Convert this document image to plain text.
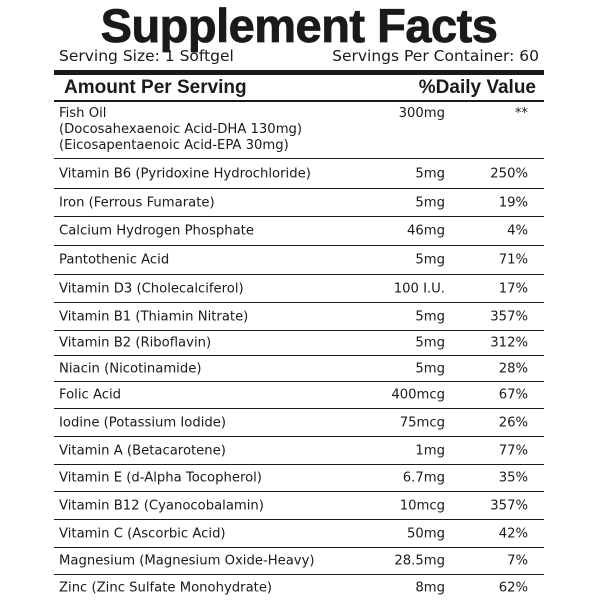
Supplement Facts
Serving Size: 1 Softgel	Servings Per Container: 60
Amount Per Serving	%Daily Value
Fish Oil
(Docosahexaenoic Acid-DHA 130mg)
(Eicosapentaenoic Acid-EPA 30mg)
300mg	**
Vitamin B6 (Pyridoxine Hydrochloride)	5mg	250%
Iron (Ferrous Fumarate)	5mg	19%
Calcium Hydrogen Phosphate	46mg	4%
Pantothenic Acid	5mg	71%
Vitamin D3 (Cholecalciferol)	100 I.U.	17%
Vitamin B1 (Thiamin Nitrate)	5mg	357%
Vitamin B2 (Riboflavin)	5mg	312%
Niacin (Nicotinamide)	5mg	28%
Folic Acid	400mcg	67%
Iodine (Potassium Iodide)	75mcg	26%
Vitamin A (Betacarotene)	1mg	77%
Vitamin E (d-Alpha Tocopherol)	6.7mg	35%
Vitamin B12 (Cyanocobalamin)	10mcg	357%
Vitamin C (Ascorbic Acid)	50mg	42%
Magnesium (Magnesium Oxide-Heavy)	28.5mg	7%
Zinc (Zinc Sulfate Monohydrate)	8mg	62%
